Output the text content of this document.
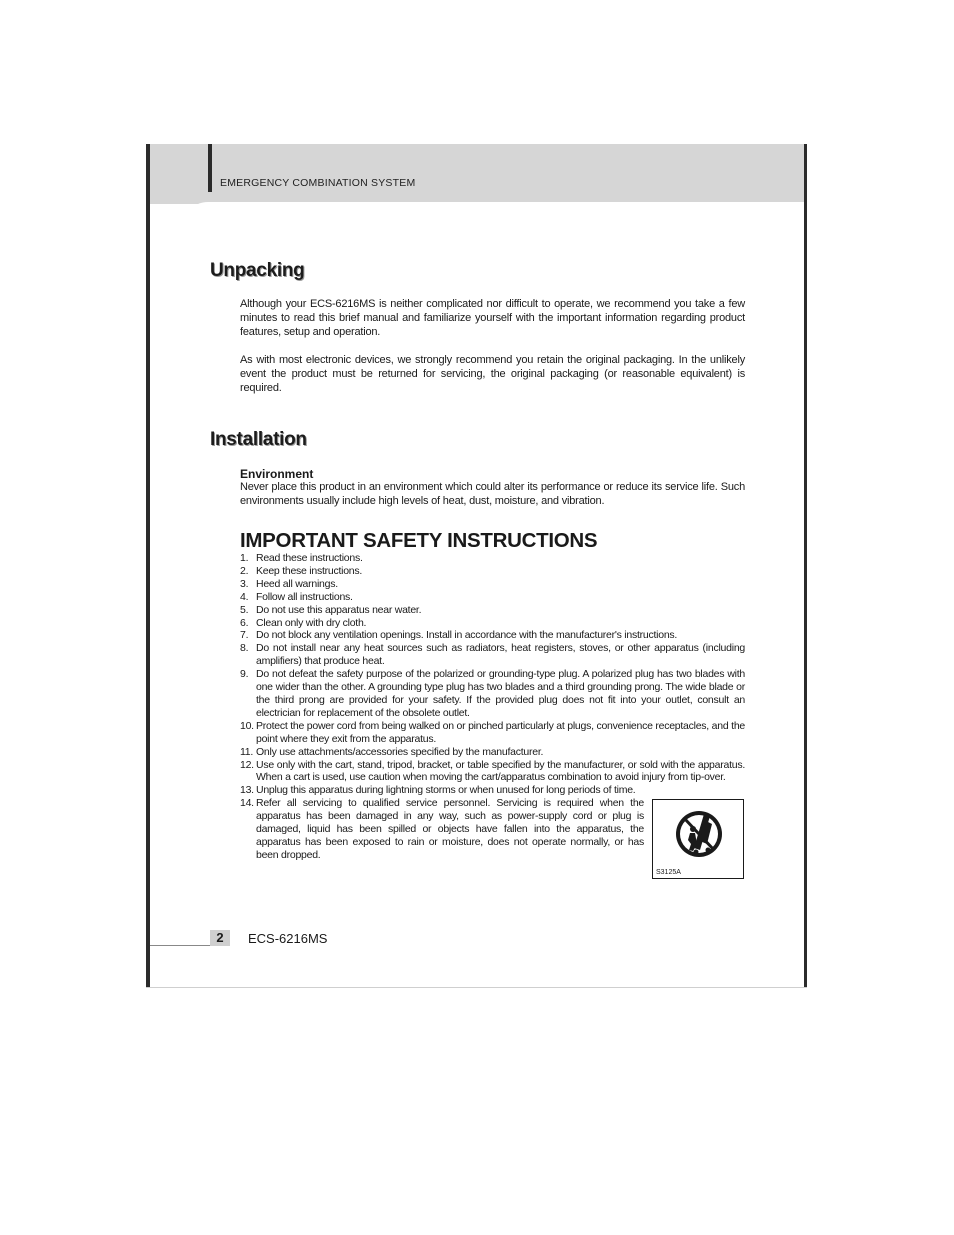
EMERGENCY COMBINATION SYSTEM
Unpacking
Although your ECS-6216MS is neither complicated nor difficult to operate, we recommend you take a few minutes to read this brief manual and familiarize yourself with the important information regarding product features, setup and operation.
As with most electronic devices, we strongly recommend you retain the original packaging. In the unlikely event the product must be returned for servicing, the original packaging (or reasonable equivalent) is required.
Installation
Environment
Never place this product in an environment which could alter its performance or reduce its service life. Such environments usually include high levels of heat, dust, moisture, and vibration.
IMPORTANT SAFETY INSTRUCTIONS
1. Read these instructions.
2. Keep these instructions.
3. Heed all warnings.
4. Follow all instructions.
5. Do not use this apparatus near water.
6. Clean only with dry cloth.
7. Do not block any ventilation openings. Install in accordance with the manufacturer's instructions.
8. Do not install near any heat sources such as radiators, heat registers, stoves, or other apparatus (including amplifiers) that produce heat.
9. Do not defeat the safety purpose of the polarized or grounding-type plug. A polarized plug has two blades with one wider than the other. A grounding type plug has two blades and a third grounding prong. The wide blade or the third prong are provided for your safety. If the provided plug does not fit into your outlet, consult an electrician for replacement of the obsolete outlet.
10. Protect the power cord from being walked on or pinched particularly at plugs, convenience receptacles, and the point where they exit from the apparatus.
11. Only use attachments/accessories specified by the manufacturer.
12. Use only with the cart, stand, tripod, bracket, or table specified by the manufacturer, or sold with the apparatus. When a cart is used, use caution when moving the cart/apparatus combination to avoid injury from tip-over.
13. Unplug this apparatus during lightning storms or when unused for long periods of time.
14. Refer all servicing to qualified service personnel. Servicing is required when the apparatus has been damaged in any way, such as power-supply cord or plug is damaged, liquid has been spilled or objects have fallen into the apparatus, the apparatus has been exposed to rain or moisture, does not operate normally, or has been dropped.
S3125A
2	ECS-6216MS
